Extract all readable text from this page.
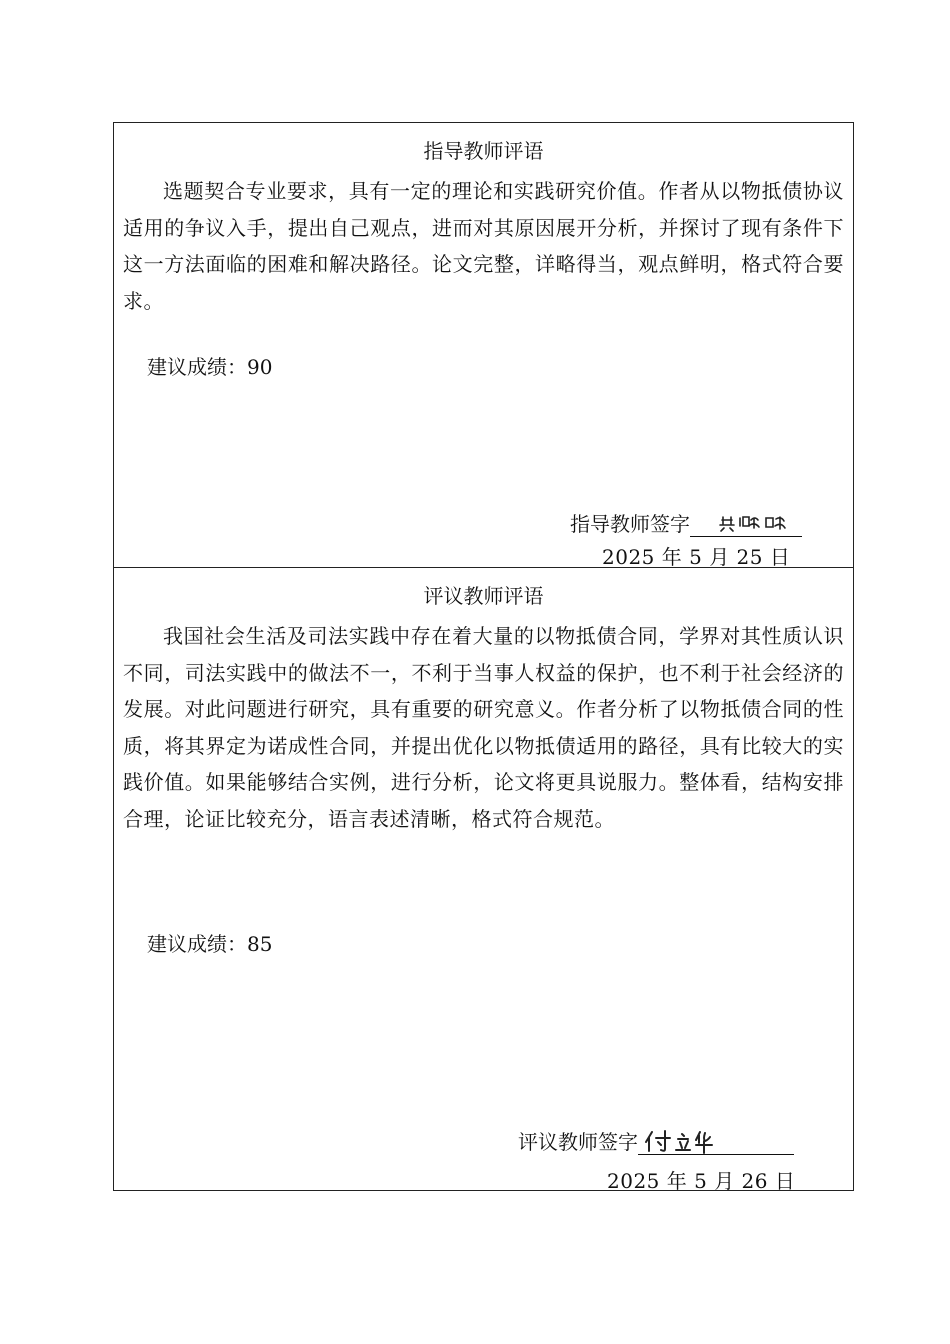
指导教师评语
选题契合专业要求，具有一定的理论和实践研究价值。作者从以物抵债协议适用的争议入手，提出自己观点，进而对其原因展开分析，并探讨了现有条件下这一方法面临的困难和解决路径。论文完整，详略得当，观点鲜明，格式符合要求。
建议成绩：90
指导教师签字
2025 年 5 月 25 日
评议教师评语
我国社会生活及司法实践中存在着大量的以物抵债合同，学界对其性质认识不同，司法实践中的做法不一，不利于当事人权益的保护，也不利于社会经济的发展。对此问题进行研究，具有重要的研究意义。作者分析了以物抵债合同的性质，将其界定为诺成性合同，并提出优化以物抵债适用的路径，具有比较大的实践价值。如果能够结合实例，进行分析，论文将更具说服力。整体看，结构安排合理，论证比较充分，语言表述清晰，格式符合规范。
建议成绩：85
评议教师签字
2025 年 5 月 26 日
